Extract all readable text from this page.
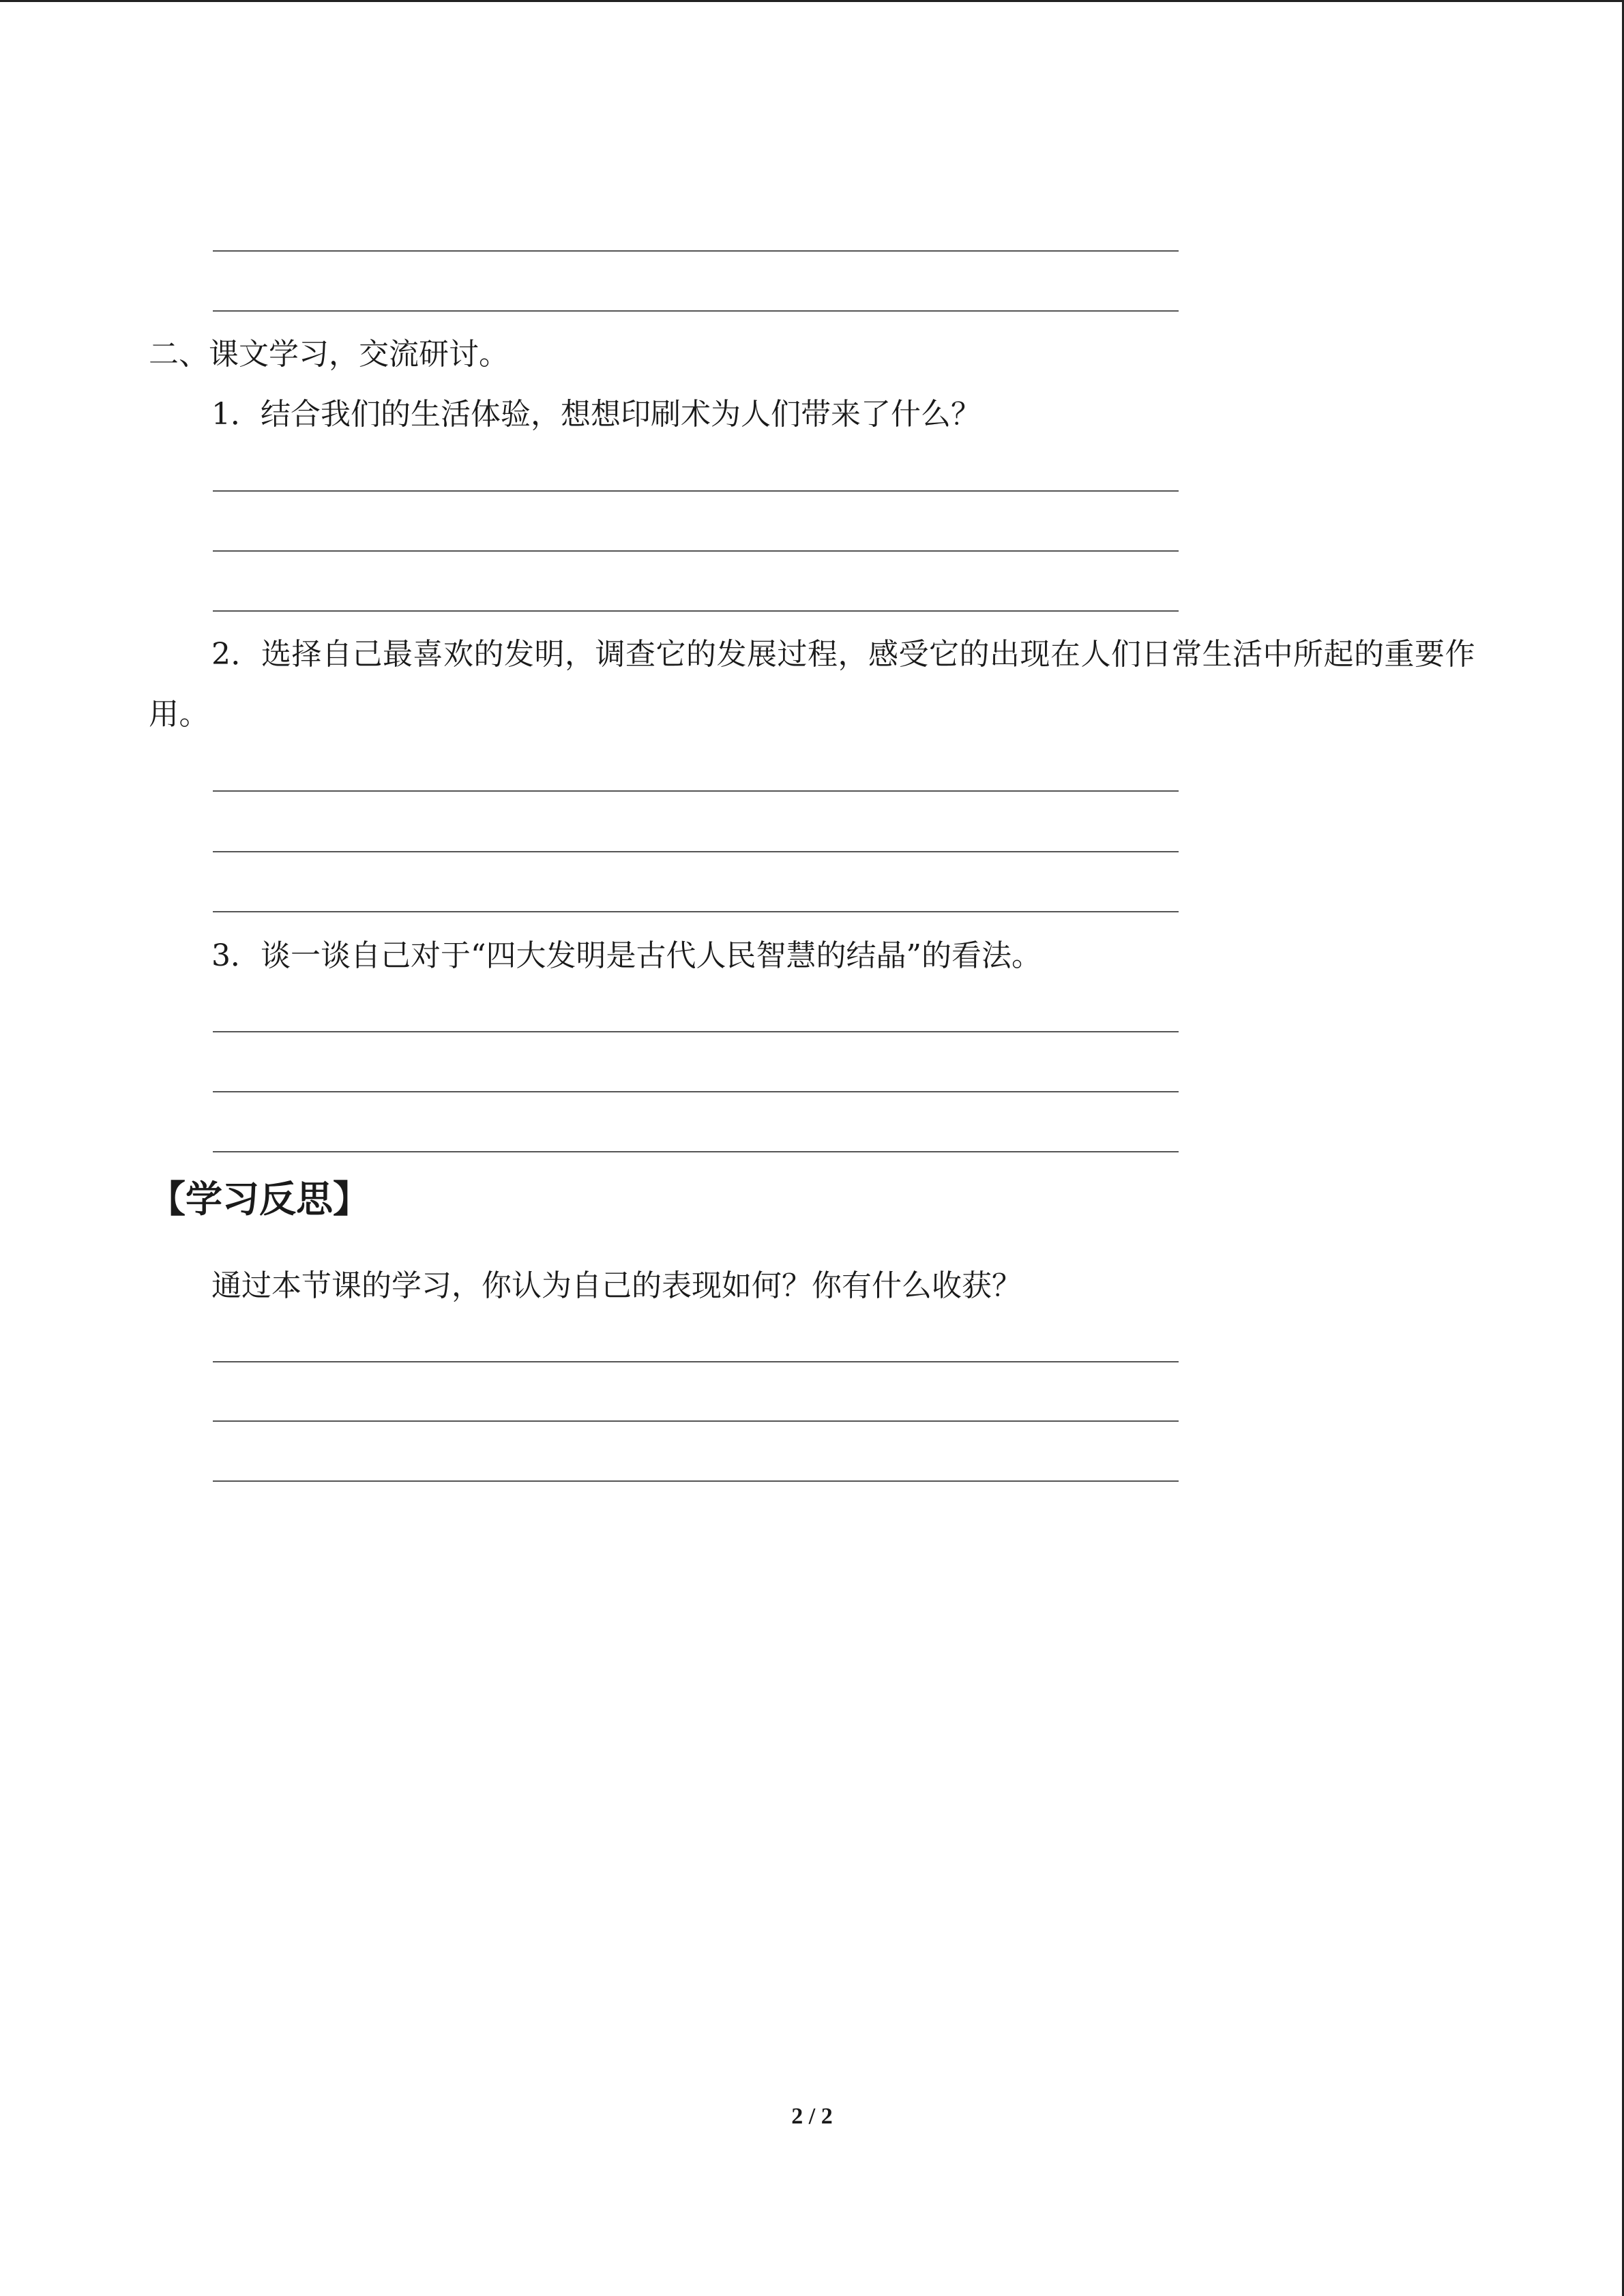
二、课文学习，交流研讨。
1．结合我们的生活体验，想想印刷术为人们带来了什么？
2．选择自己最喜欢的发明，调查它的发展过程，感受它的出现在人们日常生活中所起的重要作用。
3．谈一谈自己对于“四大发明是古代人民智慧的结晶”的看法。
【学习反思】
通过本节课的学习，你认为自己的表现如何？你有什么收获？
2 / 2
